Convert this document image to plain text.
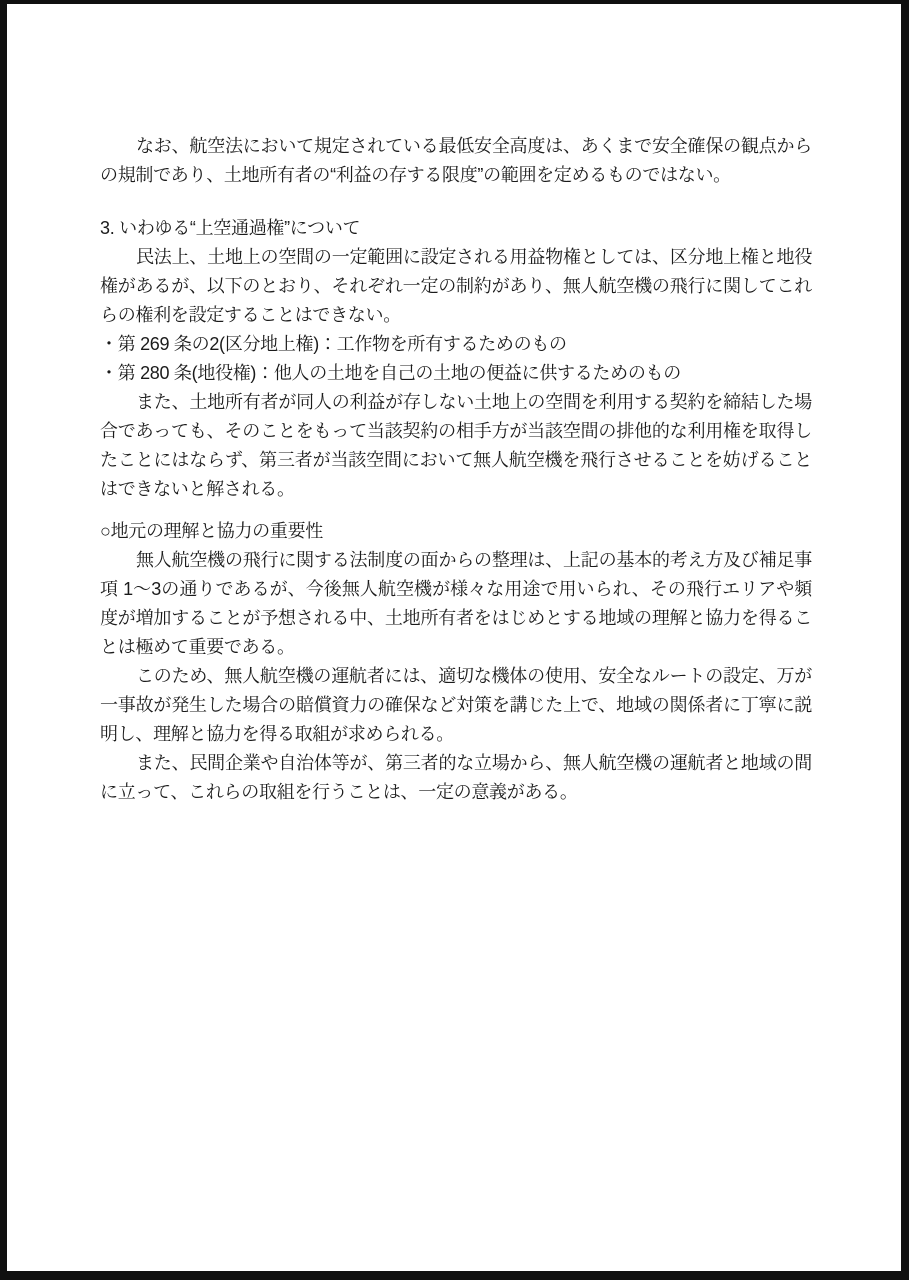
なお、航空法において規定されている最低安全高度は、あくまで安全確保の観点からの規制であり、土地所有者の“利益の存する限度”の範囲を定めるものではない。

3. いわゆる“上空通過権”について

民法上、土地上の空間の一定範囲に設定される用益物権としては、区分地上権と地役権があるが、以下のとおり、それぞれ一定の制約があり、無人航空機の飛行に関してこれらの権利を設定することはできない。

・第 269 条の2(区分地上権)：工作物を所有するためのもの

・第 280 条(地役権)：他人の土地を自己の土地の便益に供するためのもの

また、土地所有者が同人の利益が存しない土地上の空間を利用する契約を締結した場合であっても、そのことをもって当該契約の相手方が当該空間の排他的な利用権を取得したことにはならず、第三者が当該空間において無人航空機を飛行させることを妨げることはできないと解される。

○地元の理解と協力の重要性

無人航空機の飛行に関する法制度の面からの整理は、上記の基本的考え方及び補足事項 1～3の通りであるが、今後無人航空機が様々な用途で用いられ、その飛行エリアや頻度が増加することが予想される中、土地所有者をはじめとする地域の理解と協力を得ることは極めて重要である。

このため、無人航空機の運航者には、適切な機体の使用、安全なルートの設定、万が一事故が発生した場合の賠償資力の確保など対策を講じた上で、地域の関係者に丁寧に説明し、理解と協力を得る取組が求められる。

また、民間企業や自治体等が、第三者的な立場から、無人航空機の運航者と地域の間に立って、これらの取組を行うことは、一定の意義がある。
